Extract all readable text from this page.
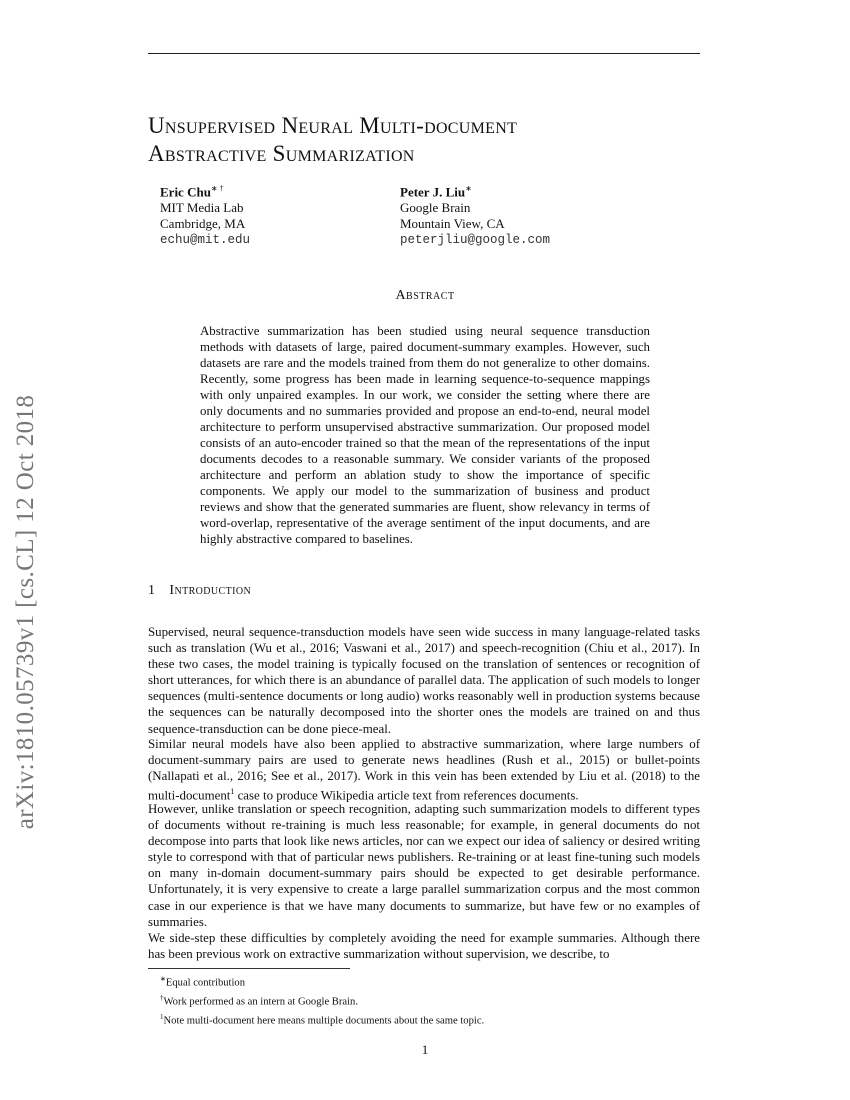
arXiv:1810.05739v1 [cs.CL] 12 Oct 2018
Unsupervised Neural Multi-document
Abstractive Summarization
Eric Chu∗ †
MIT Media Lab
Cambridge, MA
echu@mit.edu
Peter J. Liu∗
Google Brain
Mountain View, CA
peterjliu@google.com
Abstract
Abstractive summarization has been studied using neural sequence transduction methods with datasets of large, paired document-summary examples. However, such datasets are rare and the models trained from them do not generalize to other domains. Recently, some progress has been made in learning sequence-to-sequence mappings with only unpaired examples. In our work, we consider the setting where there are only documents and no summaries provided and propose an end-to-end, neural model architecture to perform unsupervised abstractive summarization. Our proposed model consists of an auto-encoder trained so that the mean of the representations of the input documents decodes to a reasonable summary. We consider variants of the proposed architecture and perform an ablation study to show the importance of specific components. We apply our model to the summarization of business and product reviews and show that the generated summaries are fluent, show relevancy in terms of word-overlap, representative of the average sentiment of the input documents, and are highly abstractive compared to baselines.
1 Introduction

Supervised, neural sequence-transduction models have seen wide success in many language-related tasks such as translation (Wu et al., 2016; Vaswani et al., 2017) and speech-recognition (Chiu et al., 2017). In these two cases, the model training is typically focused on the translation of sentences or recognition of short utterances, for which there is an abundance of parallel data. The application of such models to longer sequences (multi-sentence documents or long audio) works reasonably well in production systems because the sequences can be naturally decomposed into the shorter ones the models are trained on and thus sequence-transduction can be done piece-meal.

Similar neural models have also been applied to abstractive summarization, where large numbers of document-summary pairs are used to generate news headlines (Rush et al., 2015) or bullet-points (Nallapati et al., 2016; See et al., 2017). Work in this vein has been extended by Liu et al. (2018) to the multi-document$^1$ case to produce Wikipedia article text from references documents.

However, unlike translation or speech recognition, adapting such summarization models to different types of documents without re-training is much less reasonable; for example, in general documents do not decompose into parts that look like news articles, nor can we expect our idea of saliency or desired writing style to correspond with that of particular news publishers. Re-training or at least fine-tuning such models on many in-domain document-summary pairs should be expected to get desirable performance. Unfortunately, it is very expensive to create a large parallel summarization corpus and the most common case in our experience is that we have many documents to summarize, but have few or no examples of summaries.

We side-step these difficulties by completely avoiding the need for example summaries. Although there has been previous work on extractive summarization without supervision, we describe, to

∗Equal contribution
†Work performed as an intern at Google Brain.
$^1$Note multi-document here means multiple documents about the same topic.
1
